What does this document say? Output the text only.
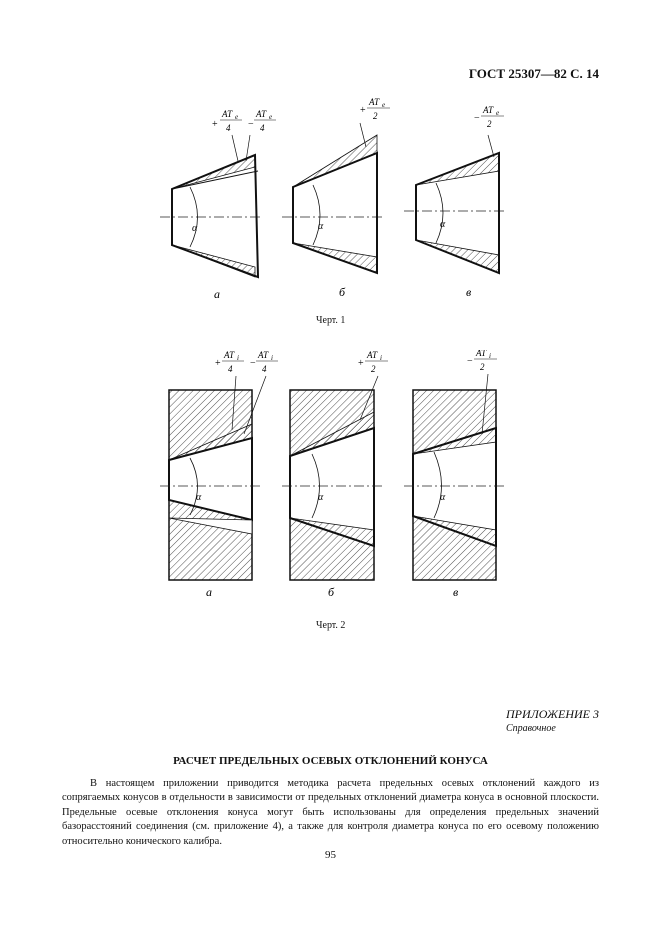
ГОСТ 25307—82 С. 14
+
AT e
4 −
AT e
4
+
AT e
2	−
AT e
2
α	α	α
а	б	в
Черт. 1
+
AT i
4 −
AT i
4	+
AT i
2
−
AT i
2
α	α	α
а	б	в
Черт. 2
ПРИЛОЖЕНИЕ 3
Справочное
РАСЧЕТ ПРЕДЕЛЬНЫХ ОСЕВЫХ ОТКЛОНЕНИЙ КОНУСА
В настоящем приложении приводится методика расчета предельных осевых отклонений каждого из сопрягаемых конусов в отдельности в зависимости от предельных отклонений диаметра конуса в основной плоскости. Предельные осевые отклонения конуса могут быть использованы для определения предельных значений базорасстояний соединения (см. приложение 4), а также для контроля диаметра конуса по его осевому положению относительно конического калибра.
95
